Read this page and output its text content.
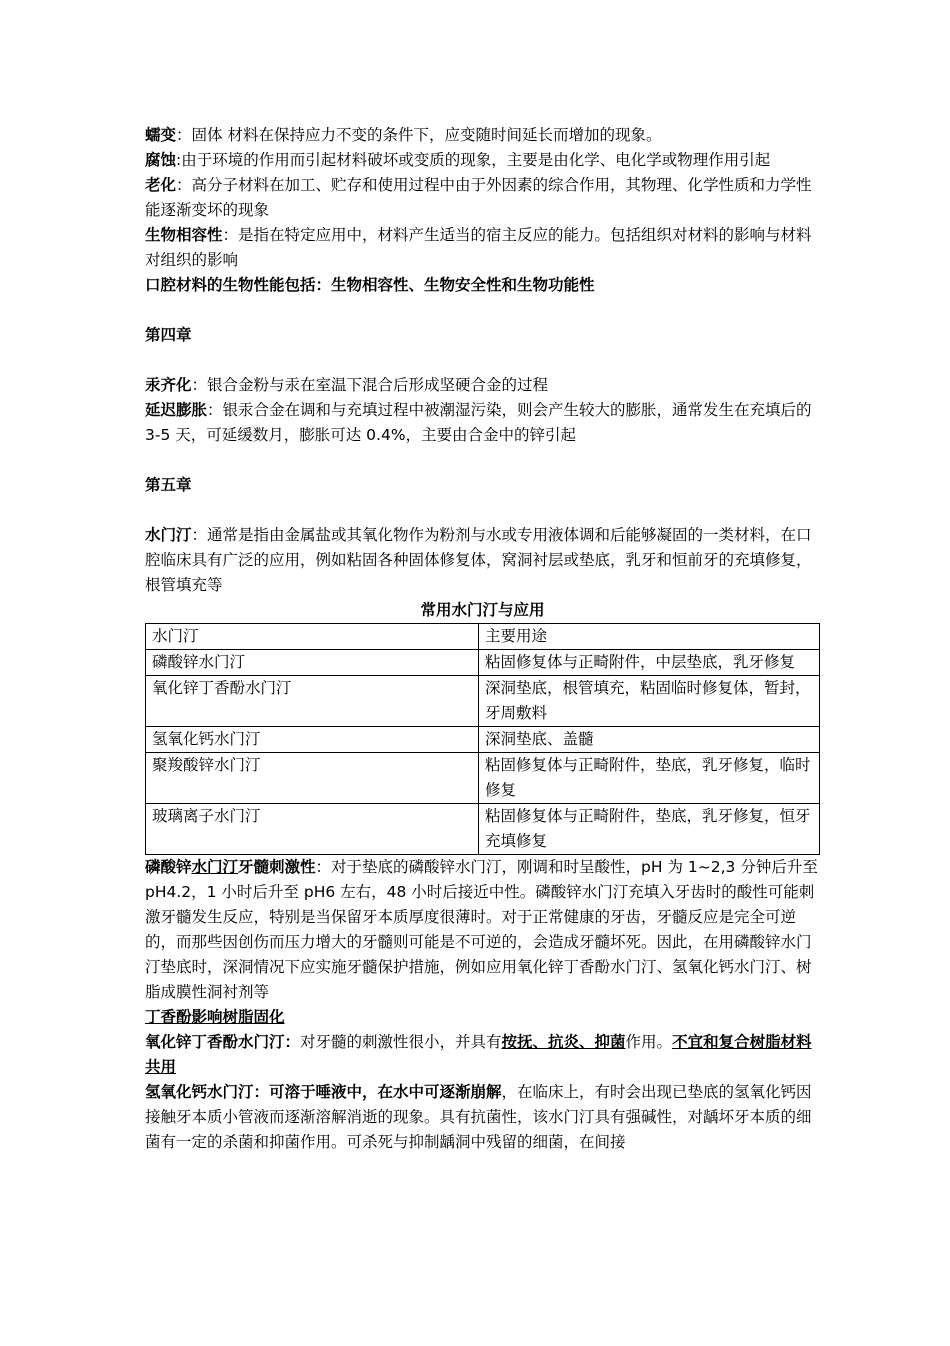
蠕变：固体 材料在保持应力不变的条件下，应变随时间延长而增加的现象。

腐蚀:由于环境的作用而引起材料破坏或变质的现象，主要是由化学、电化学或物理作用引起

老化：高分子材料在加工、贮存和使用过程中由于外因素的综合作用，其物理、化学性质和力学性能逐渐变坏的现象

生物相容性：是指在特定应用中，材料产生适当的宿主反应的能力。包括组织对材料的影响与材料对组织的影响

口腔材料的生物性能包括：生物相容性、生物安全性和生物功能性

第四章

汞齐化：银合金粉与汞在室温下混合后形成坚硬合金的过程

延迟膨胀：银汞合金在调和与充填过程中被潮湿污染，则会产生较大的膨胀，通常发生在充填后的 3-5 天，可延缓数月，膨胀可达 0.4%，主要由合金中的锌引起

第五章

水门汀：通常是指由金属盐或其氧化物作为粉剂与水或专用液体调和后能够凝固的一类材料，在口腔临床具有广泛的应用，例如粘固各种固体修复体，窝洞衬层或垫底，乳牙和恒前牙的充填修复，根管填充等

常用水门汀与应用

水门汀	主要用途
磷酸锌水门汀	粘固修复体与正畸附件，中层垫底，乳牙修复
氧化锌丁香酚水门汀	深洞垫底，根管填充，粘固临时修复体，暂封，牙周敷料
氢氧化钙水门汀	深洞垫底、盖髓
聚羧酸锌水门汀	粘固修复体与正畸附件，垫底，乳牙修复，临时修复
玻璃离子水门汀	粘固修复体与正畸附件，垫底，乳牙修复，恒牙充填修复

磷酸锌水门汀牙髓刺激性：对于垫底的磷酸锌水门汀，刚调和时呈酸性，pH 为 1~2,3 分钟后升至 pH4.2，1 小时后升至 pH6 左右，48 小时后接近中性。磷酸锌水门汀充填入牙齿时的酸性可能刺激牙髓发生反应，特别是当保留牙本质厚度很薄时。对于正常健康的牙齿，牙髓反应是完全可逆的，而那些因创伤而压力增大的牙髓则可能是不可逆的，会造成牙髓坏死。因此，在用磷酸锌水门汀垫底时，深洞情况下应实施牙髓保护措施，例如应用氧化锌丁香酚水门汀、氢氧化钙水门汀、树脂成膜性洞衬剂等

丁香酚影响树脂固化

氧化锌丁香酚水门汀：对牙髓的刺激性很小，并具有按抚、抗炎、抑菌作用。不宜和复合树脂材料共用

氢氧化钙水门汀：可溶于唾液中，在水中可逐渐崩解，在临床上，有时会出现已垫底的氢氧化钙因接触牙本质小管液而逐渐溶解消逝的现象。具有抗菌性，该水门汀具有强碱性，对龋坏牙本质的细菌有一定的杀菌和抑菌作用。可杀死与抑制龋洞中残留的细菌，在间接
